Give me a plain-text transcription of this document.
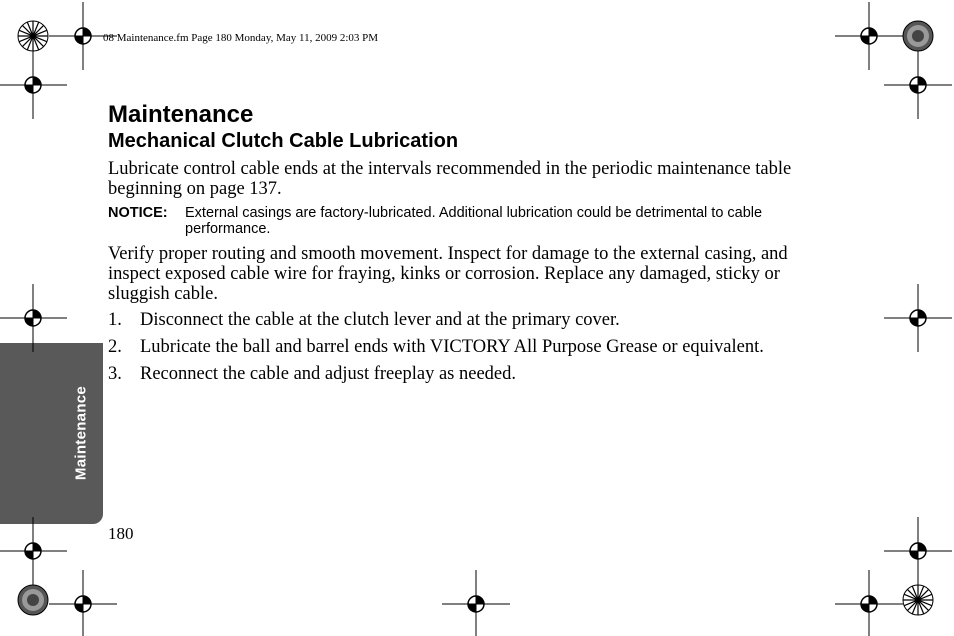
08 Maintenance.fm Page 180 Monday, May 11, 2009 2:03 PM
Maintenance
Maintenance
Mechanical Clutch Cable Lubrication

Lubricate control cable ends at the intervals recommended in the periodic maintenance table beginning on page 137.

NOTICE:	External casings are factory-lubricated. Additional lubrication could be detrimental to cable performance.

Verify proper routing and smooth movement. Inspect for damage to the external casing, and inspect exposed cable wire for fraying, kinks or corrosion. Replace any damaged, sticky or sluggish cable.

1. Disconnect the cable at the clutch lever and at the primary cover.
2. Lubricate the ball and barrel ends with VICTORY All Purpose Grease or equivalent.
3. Reconnect the cable and adjust freeplay as needed.
180
